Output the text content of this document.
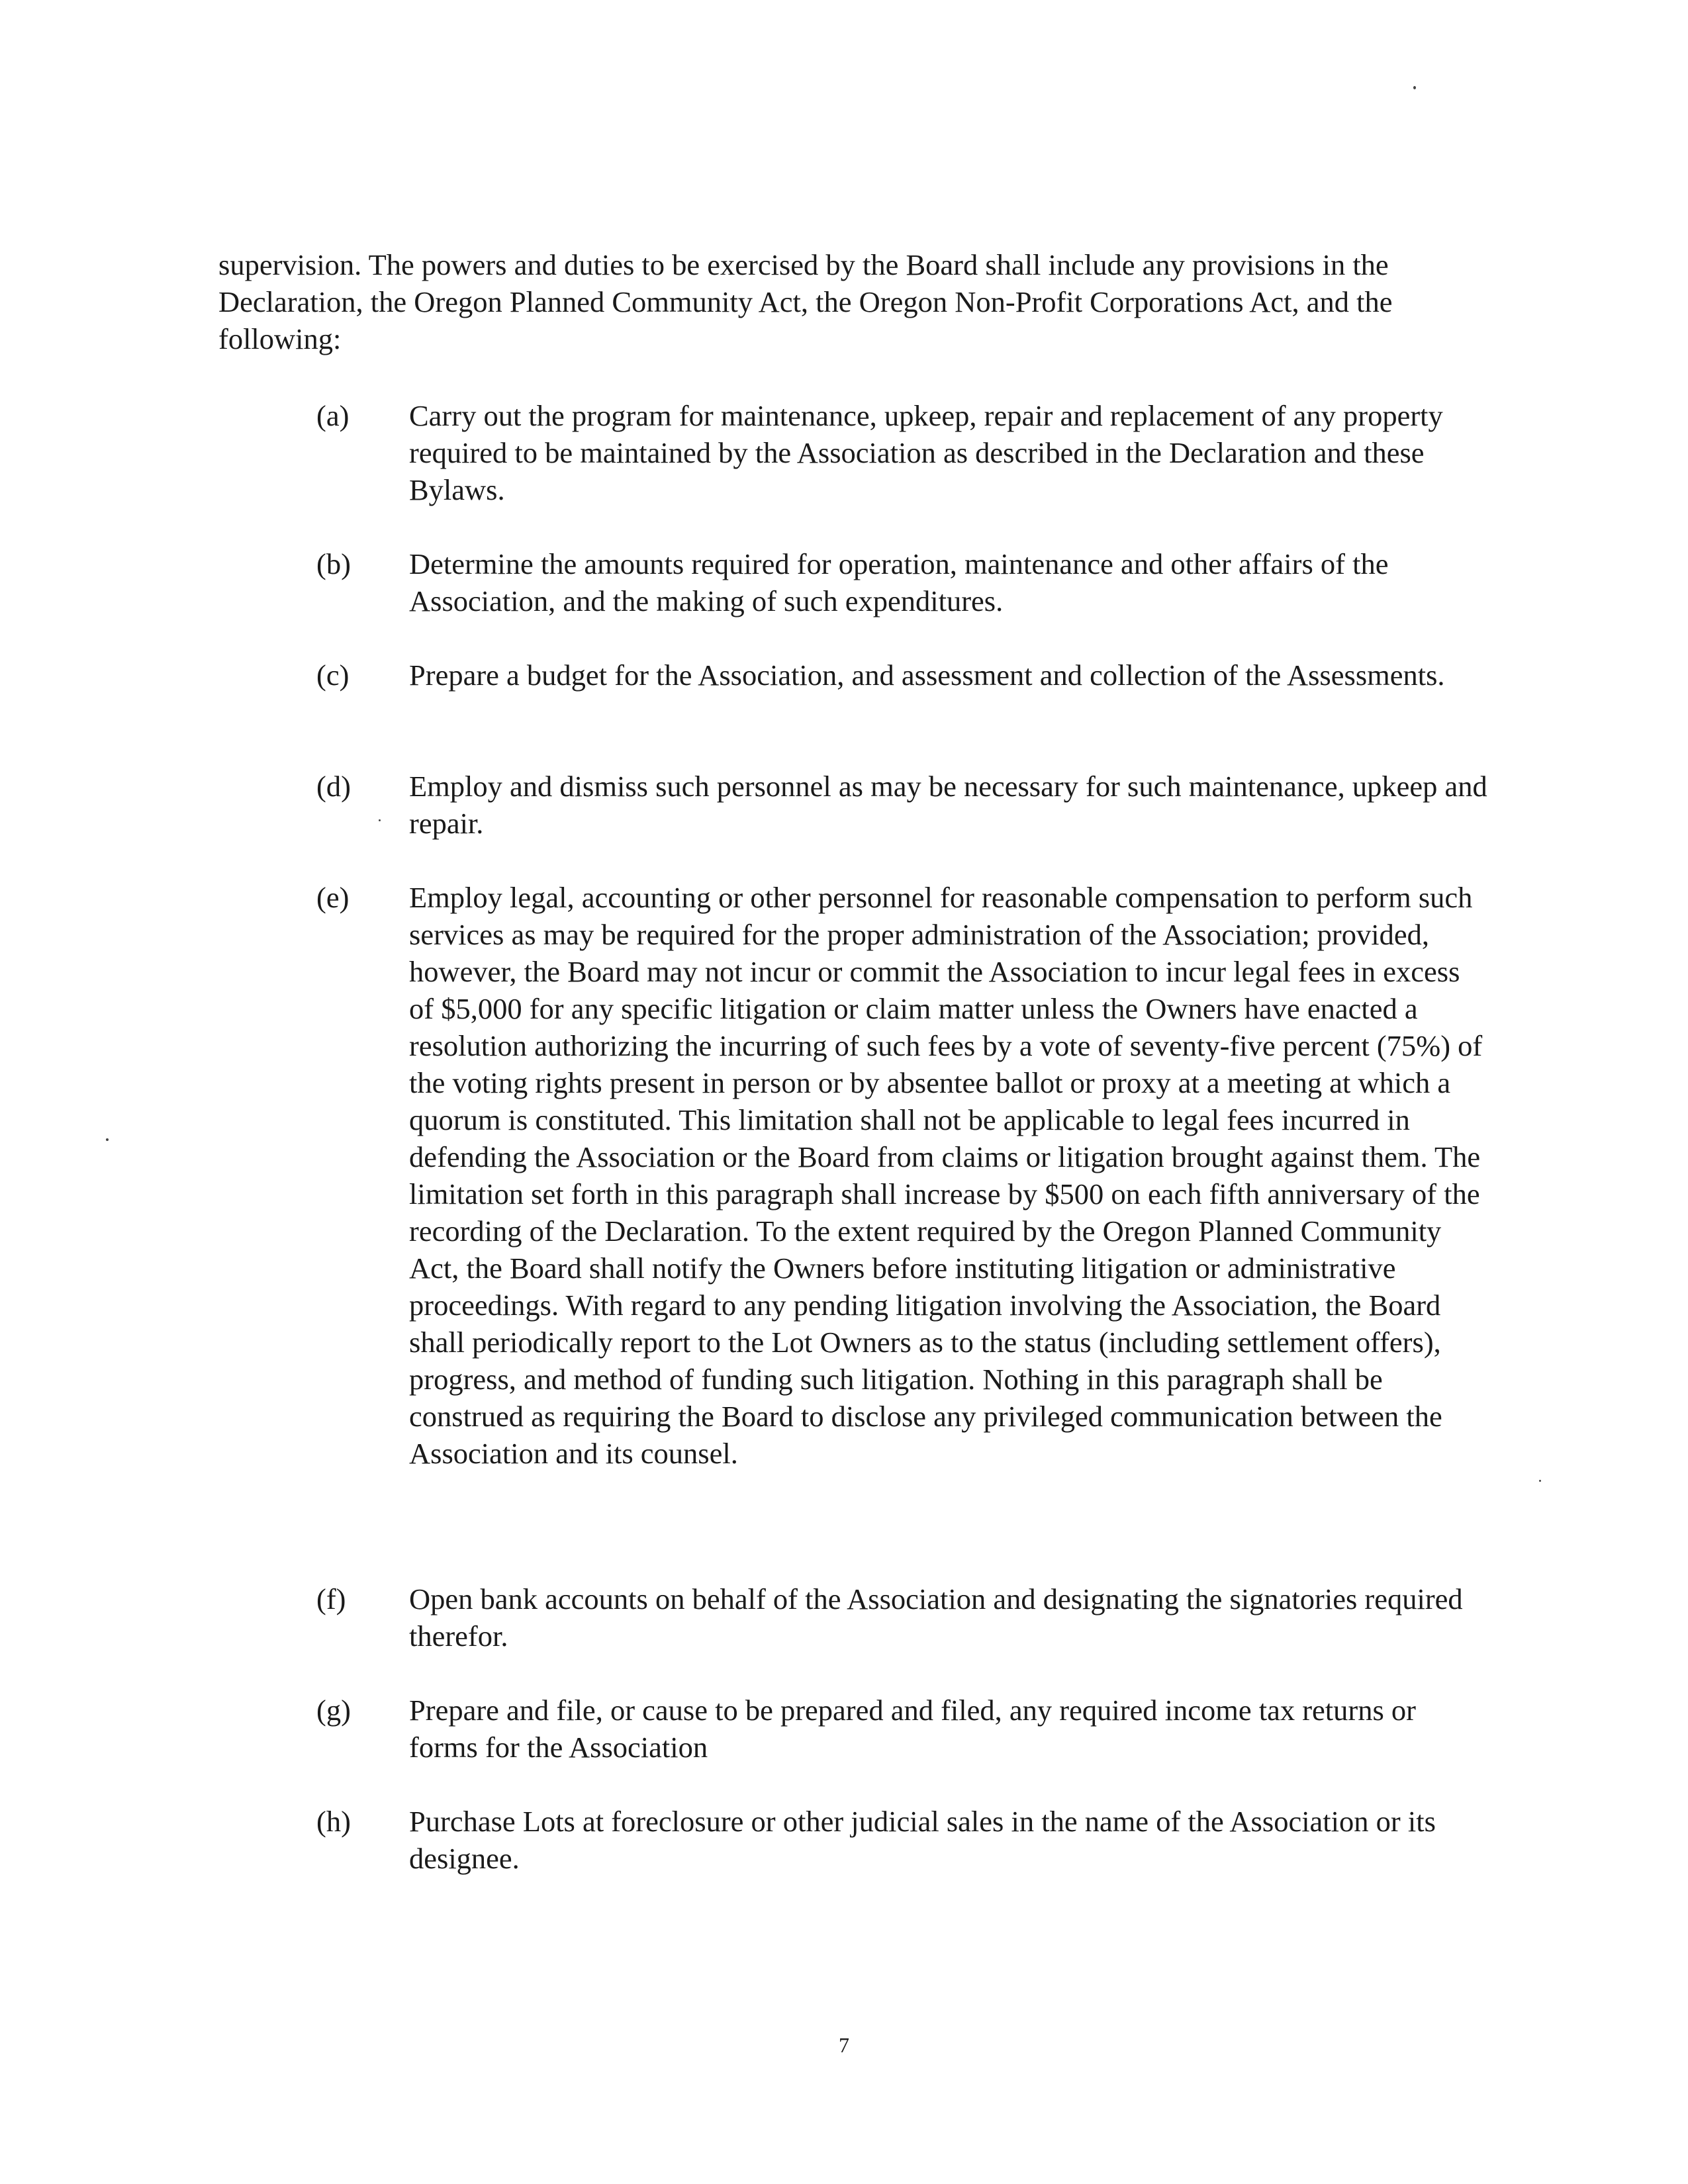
supervision. The powers and duties to be exercised by the Board shall include any provisions in the Declaration, the Oregon Planned Community Act, the Oregon Non-Profit Corporations Act, and the following:

(a) Carry out the program for maintenance, upkeep, repair and replacement of any property required to be maintained by the Association as described in the Declaration and these Bylaws.

(b) Determine the amounts required for operation, maintenance and other affairs of the Association, and the making of such expenditures.

(c) Prepare a budget for the Association, and assessment and collection of the Assessments.

(d) Employ and dismiss such personnel as may be necessary for such maintenance, upkeep and repair.

(e) Employ legal, accounting or other personnel for reasonable compensation to perform such services as may be required for the proper administration of the Association; provided, however, the Board may not incur or commit the Association to incur legal fees in excess of $5,000 for any specific litigation or claim matter unless the Owners have enacted a resolution authorizing the incurring of such fees by a vote of seventy-five percent (75%) of the voting rights present in person or by absentee ballot or proxy at a meeting at which a quorum is constituted. This limitation shall not be applicable to legal fees incurred in defending the Association or the Board from claims or litigation brought against them. The limitation set forth in this paragraph shall increase by $500 on each fifth anniversary of the recording of the Declaration. To the extent required by the Oregon Planned Community Act, the Board shall notify the Owners before instituting litigation or administrative proceedings. With regard to any pending litigation involving the Association, the Board shall periodically report to the Lot Owners as to the status (including settlement offers), progress, and method of funding such litigation. Nothing in this paragraph shall be construed as requiring the Board to disclose any privileged communication between the Association and its counsel.

(f) Open bank accounts on behalf of the Association and designating the signatories required therefor.

(g) Prepare and file, or cause to be prepared and filed, any required income tax returns or forms for the Association

(h) Purchase Lots at foreclosure or other judicial sales in the name of the Association or its designee.

7
